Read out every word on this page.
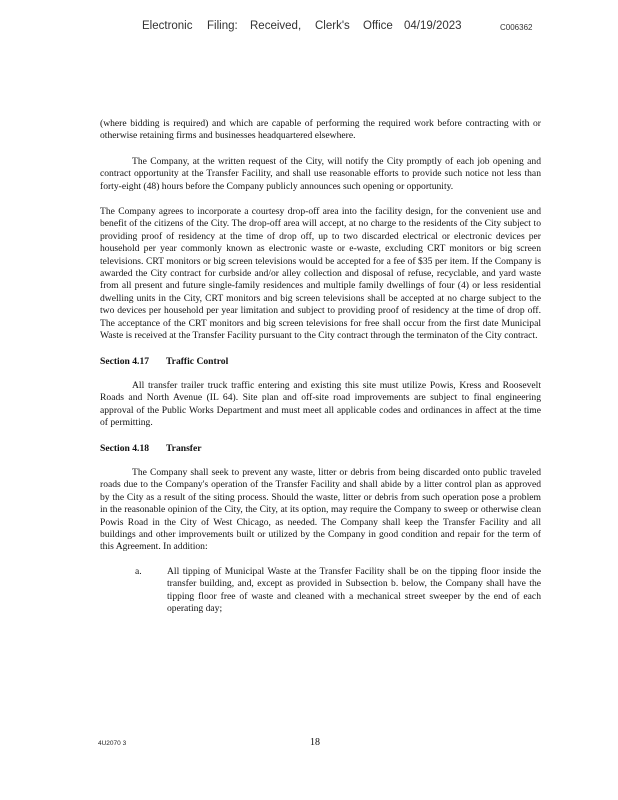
Electronic Filing: Received, Clerk's Office 04/19/2023	C006362

(where bidding is required) and which are capable of performing the required work before contracting with or otherwise retaining firms and businesses headquartered elsewhere.

The Company, at the written request of the City, will notify the City promptly of each job opening and contract opportunity at the Transfer Facility, and shall use reasonable efforts to provide such notice not less than forty-eight (48) hours before the Company publicly announces such opening or opportunity.

The Company agrees to incorporate a courtesy drop-off area into the facility design, for the convenient use and benefit of the citizens of the City. The drop-off area will accept, at no charge to the residents of the City subject to providing proof of residency at the time of drop off, up to two discarded electrical or electronic devices per household per year commonly known as electronic waste or e-waste, excluding CRT monitors or big screen televisions. CRT monitors or big screen televisions would be accepted for a fee of $35 per item. If the Company is awarded the City contract for curbside and/or alley collection and disposal of refuse, recyclable, and yard waste from all present and future single-family residences and multiple family dwellings of four (4) or less residential dwelling units in the City, CRT monitors and big screen televisions shall be accepted at no charge subject to the two devices per household per year limitation and subject to providing proof of residency at the time of drop off. The acceptance of the CRT monitors and big screen televisions for free shall occur from the first date Municipal Waste is received at the Transfer Facility pursuant to the City contract through the terminaton of the City contract.

Section 4.17 Traffic Control

All transfer trailer truck traffic entering and existing this site must utilize Powis, Kress and Roosevelt Roads and North Avenue (IL 64). Site plan and off-site road improvements are subject to final engineering approval of the Public Works Department and must meet all applicable codes and ordinances in affect at the time of permitting.

Section 4.18 Transfer

The Company shall seek to prevent any waste, litter or debris from being discarded onto public traveled roads due to the Company's operation of the Transfer Facility and shall abide by a litter control plan as approved by the City as a result of the siting process. Should the waste, litter or debris from such operation pose a problem in the reasonable opinion of the City, the City, at its option, may require the Company to sweep or otherwise clean Powis Road in the City of West Chicago, as needed. The Company shall keep the Transfer Facility and all buildings and other improvements built or utilized by the Company in good condition and repair for the term of this Agreement. In addition:

a.	All tipping of Municipal Waste at the Transfer Facility shall be on the tipping floor inside the transfer building, and, except as provided in Subsection b. below, the Company shall have the tipping floor free of waste and cleaned with a mechanical street sweeper by the end of each operating day;
4U2070 3	18
